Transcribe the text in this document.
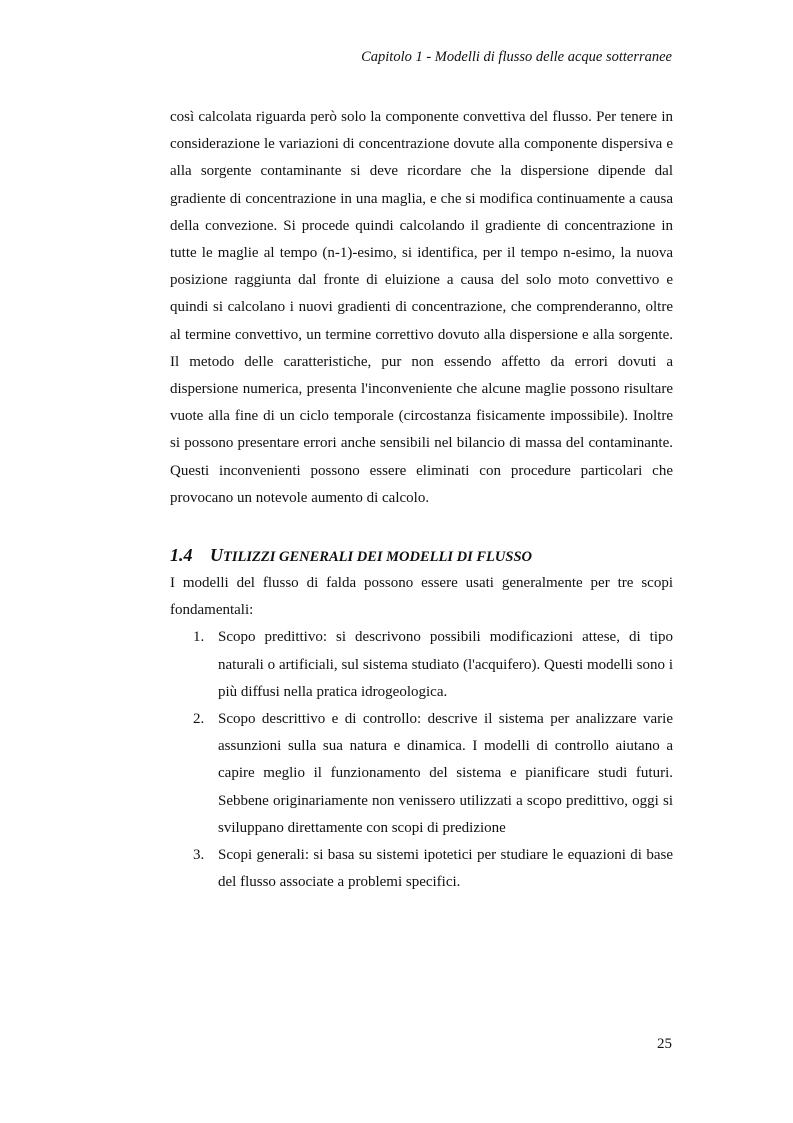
Capitolo 1 - Modelli di flusso delle acque sotterranee

così calcolata riguarda però solo la componente convettiva del flusso. Per tenere in considerazione le variazioni di concentrazione dovute alla componente dispersiva e alla sorgente contaminante si deve ricordare che la dispersione dipende dal gradiente di concentrazione in una maglia, e che si modifica continuamente a causa della convezione. Si procede quindi calcolando il gradiente di concentrazione in tutte le maglie al tempo (n-1)-esimo, si identifica, per il tempo n-esimo, la nuova posizione raggiunta dal fronte di eluizione a causa del solo moto convettivo e quindi si calcolano i nuovi gradienti di concentrazione, che comprenderanno, oltre al termine convettivo, un termine correttivo dovuto alla dispersione e alla sorgente. Il metodo delle caratteristiche, pur non essendo affetto da errori dovuti a dispersione numerica, presenta l'inconveniente che alcune maglie possono risultare vuote alla fine di un ciclo temporale (circostanza fisicamente impossibile). Inoltre si possono presentare errori anche sensibili nel bilancio di massa del contaminante. Questi inconvenienti possono essere eliminati con procedure particolari che provocano un notevole aumento di calcolo.

1.4 UTILIZZI GENERALI DEI MODELLI DI FLUSSO

I modelli del flusso di falda possono essere usati generalmente per tre scopi fondamentali:

1. Scopo predittivo: si descrivono possibili modificazioni attese, di tipo naturali o artificiali, sul sistema studiato (l'acquifero). Questi modelli sono i più diffusi nella pratica idrogeologica.
2. Scopo descrittivo e di controllo: descrive il sistema per analizzare varie assunzioni sulla sua natura e dinamica. I modelli di controllo aiutano a capire meglio il funzionamento del sistema e pianificare studi futuri. Sebbene originariamente non venissero utilizzati a scopo predittivo, oggi si sviluppano direttamente con scopi di predizione
3. Scopi generali: si basa su sistemi ipotetici per studiare le equazioni di base del flusso associate a problemi specifici.
25
